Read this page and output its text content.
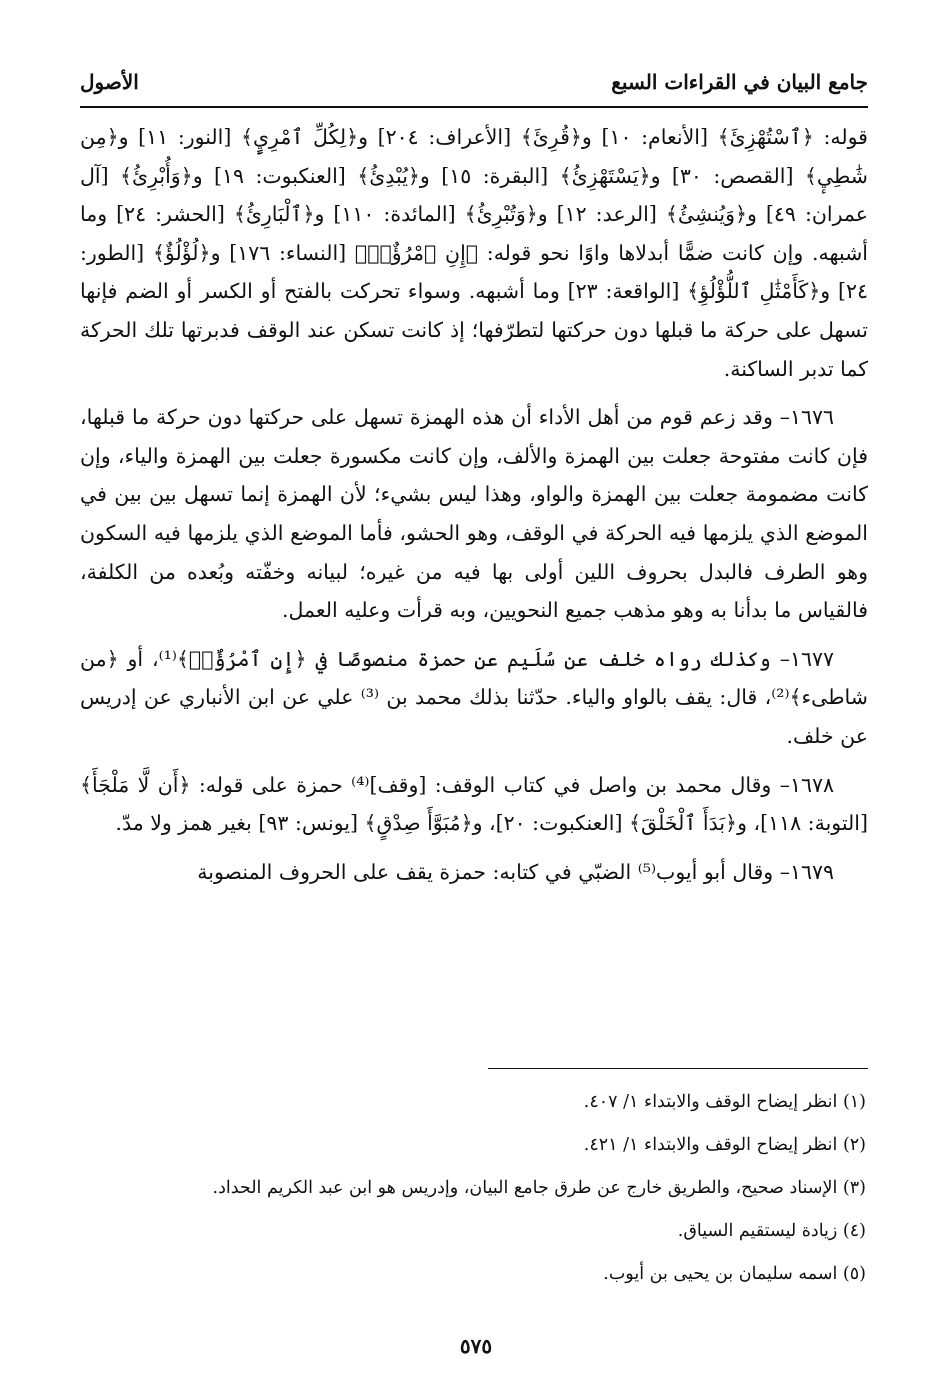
جامع البيان في القراءات السبع
الأصول

قوله: ﴿ٱسْتُهْزِئَ﴾ [الأنعام: ١٠] و﴿قُرِئَ﴾ [الأعراف: ٢٠٤] و﴿لِكُلِّ ٱمْرِيٍٕ﴾ [النور: ١١] و﴿مِن شَٰطِيٕ﴾ [القصص: ٣٠] و﴿يَسْتَهْزِئُ﴾ [البقرة: ١٥] و﴿يُبْدِئُ﴾ [العنكبوت: ١٩] و﴿وَأُبْرِئُ﴾ [آل عمران: ٤٩] و﴿وَيُنشِئُ﴾ [الرعد: ١٢] و﴿وَتُبْرِئُ﴾ [المائدة: ١١٠] و﴿ٱلْبَارِئُ﴾ [الحشر: ٢٤] وما أشبهه. وإن كانت ضمًّا أبدلاها واوًا نحو قوله: ﴿إِنِ ٱمْرُؤٌا۟﴾ [النساء: ١٧٦] و﴿لُؤْلُؤٌ﴾ [الطور: ٢٤] و﴿كَأَمْثَٰلِ ٱللُّؤْلُؤِ﴾ [الواقعة: ٢٣] وما أشبهه. وسواء تحركت بالفتح أو الكسر أو الضم فإنها تسهل على حركة ما قبلها دون حركتها لتطرّفها؛ إذ كانت تسكن عند الوقف فدبرتها تلك الحركة كما تدبر الساكنة.

١٦٧٦– وقد زعم قوم من أهل الأداء أن هذه الهمزة تسهل على حركتها دون حركة ما قبلها، فإن كانت مفتوحة جعلت بين الهمزة والألف، وإن كانت مكسورة جعلت بين الهمزة والياء، وإن كانت مضمومة جعلت بين الهمزة والواو، وهذا ليس بشيء؛ لأن الهمزة إنما تسهل بين بين في الموضع الذي يلزمها فيه الحركة في الوقف، وهو الحشو، فأما الموضع الذي يلزمها فيه السكون وهو الطرف فالبدل بحروف اللين أولى بها فيه من غيره؛ لبيانه وخفّته وبُعده من الكلفة، فالقياس ما بدأنا به وهو مذهب جميع النحويين، وبه قرأت وعليه العمل.

١٦٧٧– وكذلك رواه خلف عن سُلَيم عن حمزة منصوصًا في ﴿إِنِ ٱمْرُؤٌا۟﴾⁽¹⁾، أو ﴿من شاطىء﴾⁽²⁾، قال: يقف بالواو والياء. حدّثنا بذلك محمد بن ⁽³⁾ علي عن ابن الأنباري عن إدريس عن خلف.

١٦٧٨– وقال محمد بن واصل في كتاب الوقف: [وقف]⁽⁴⁾ حمزة على قوله: ﴿أَن لَّا مَلْجَأَ﴾ [التوبة: ١١٨]، و﴿بَدَأَ ٱلْخَلْقَ﴾ [العنكبوت: ٢٠]، و﴿مُبَوَّأَ صِدْقٍ﴾ [يونس: ٩٣] بغير همز ولا مدّ.

١٦٧٩– وقال أبو أيوب⁽⁵⁾ الضبّي في كتابه: حمزة يقف على الحروف المنصوبة

(١) انظر إيضاح الوقف والابتداء ١/ ٤٠٧.
(٢) انظر إيضاح الوقف والابتداء ١/ ٤٢١.
(٣) الإسناد صحيح، والطريق خارج عن طرق جامع البيان، وإدريس هو ابن عبد الكريم الحداد.
(٤) زيادة ليستقيم السياق.
(٥) اسمه سليمان بن يحيى بن أيوب.
٥٧٥
